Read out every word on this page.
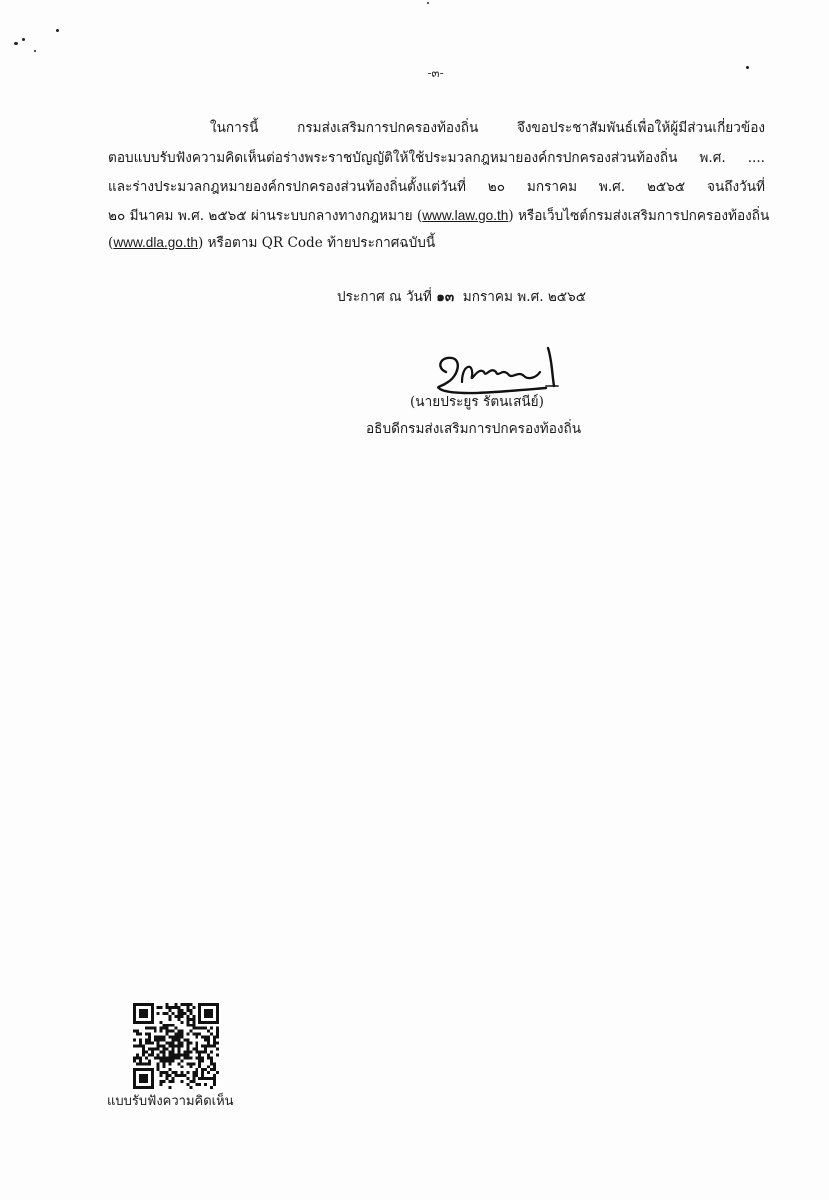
-๓-
ในการนี้ กรมส่งเสริมการปกครองท้องถิ่น จึงขอประชาสัมพันธ์เพื่อให้ผู้มีส่วนเกี่ยวข้อง
ตอบแบบรับฟังความคิดเห็นต่อร่างพระราชบัญญัติให้ใช้ประมวลกฎหมายองค์กรปกครองส่วนท้องถิ่น พ.ศ. ....
และร่างประมวลกฎหมายองค์กรปกครองส่วนท้องถิ่นตั้งแต่วันที่ ๒๐ มกราคม พ.ศ. ๒๕๖๕ จนถึงวันที่
๒๐ มีนาคม พ.ศ. ๒๕๖๕ ผ่านระบบกลางทางกฎหมาย (www.law.go.th) หรือเว็บไซต์กรมส่งเสริมการปกครองท้องถิ่น
(www.dla.go.th) หรือตาม QR Code ท้ายประกาศฉบับนี้
ประกาศ ณ วันที่ ๑๓ มกราคม พ.ศ. ๒๕๖๕
(นายประยูร รัตนเสนีย์)
อธิบดีกรมส่งเสริมการปกครองท้องถิ่น
แบบรับฟังความคิดเห็น
